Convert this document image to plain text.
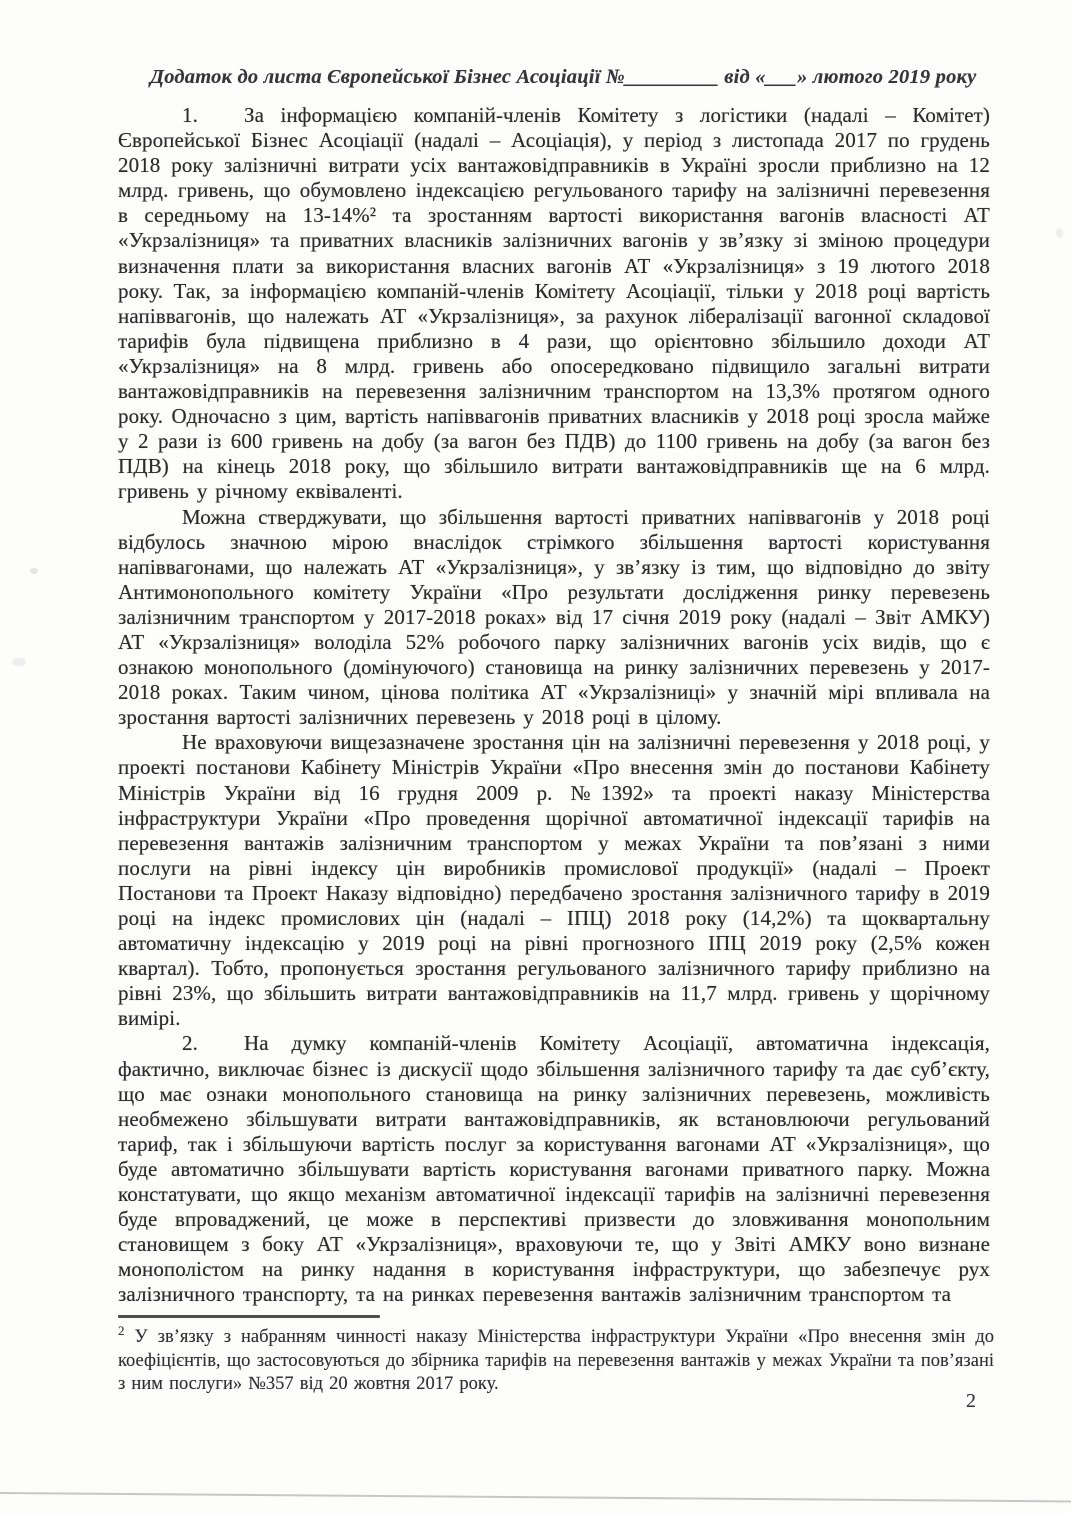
Додаток до листа Європейської Бізнес Асоціації №_________ від «___» лютого 2019 року

1. За інформацією компаній-членів Комітету з логістики (надалі – Комітет) Європейської Бізнес Асоціації (надалі – Асоціація), у період з листопада 2017 по грудень 2018 року залізничні витрати усіх вантажовідправників в Україні зросли приблизно на 12 млрд. гривень, що обумовлено індексацією регульованого тарифу на залізничні перевезення в середньому на 13-14%² та зростанням вартості використання вагонів власності АТ «Укрзалізниця» та приватних власників залізничних вагонів у зв’язку зі зміною процедури визначення плати за використання власних вагонів АТ «Укрзалізниця» з 19 лютого 2018 року. Так, за інформацією компаній-членів Комітету Асоціації, тільки у 2018 році вартість напіввагонів, що належать АТ «Укрзалізниця», за рахунок лібералізації вагонної складової тарифів була підвищена приблизно в 4 рази, що орієнтовно збільшило доходи АТ «Укрзалізниця» на 8 млрд. гривень або опосередковано підвищило загальні витрати вантажовідправників на перевезення залізничним транспортом на 13,3% протягом одного року. Одночасно з цим, вартість напіввагонів приватних власників у 2018 році зросла майже у 2 рази із 600 гривень на добу (за вагон без ПДВ) до 1100 гривень на добу (за вагон без ПДВ) на кінець 2018 року, що збільшило витрати вантажовідправників ще на 6 млрд. гривень у річному еквіваленті.

Можна стверджувати, що збільшення вартості приватних напіввагонів у 2018 році відбулось значною мірою внаслідок стрімкого збільшення вартості користування напіввагонами, що належать АТ «Укрзалізниця», у зв’язку із тим, що відповідно до звіту Антимонопольного комітету України «Про результати дослідження ринку перевезень залізничним транспортом у 2017-2018 роках» від 17 січня 2019 року (надалі – Звіт АМКУ) АТ «Укрзалізниця» володіла 52% робочого парку залізничних вагонів усіх видів, що є ознакою монопольного (домінуючого) становища на ринку залізничних перевезень у 2017-2018 роках. Таким чином, цінова політика АТ «Укрзалізниці» у значній мірі впливала на зростання вартості залізничних перевезень у 2018 році в цілому.

Не враховуючи вищезазначене зростання цін на залізничні перевезення у 2018 році, у проекті постанови Кабінету Міністрів України «Про внесення змін до постанови Кабінету Міністрів України від 16 грудня 2009 р. №1392» та проекті наказу Міністерства інфраструктури України «Про проведення щорічної автоматичної індексації тарифів на перевезення вантажів залізничним транспортом у межах України та пов’язані з ними послуги на рівні індексу цін виробників промислової продукції» (надалі – Проект Постанови та Проект Наказу відповідно) передбачено зростання залізничного тарифу в 2019 році на індекс промислових цін (надалі – ІПЦ) 2018 року (14,2%) та щоквартальну автоматичну індексацію у 2019 році на рівні прогнозного ІПЦ 2019 року (2,5% кожен квартал). Тобто, пропонується зростання регульованого залізничного тарифу приблизно на рівні 23%, що збільшить витрати вантажовідправників на 11,7 млрд. гривень у щорічному вимірі.

2. На думку компаній-членів Комітету Асоціації, автоматична індексація, фактично, виключає бізнес із дискусії щодо збільшення залізничного тарифу та дає суб’єкту, що має ознаки монопольного становища на ринку залізничних перевезень, можливість необмежено збільшувати витрати вантажовідправників, як встановлюючи регульований тариф, так і збільшуючи вартість послуг за користування вагонами АТ «Укрзалізниця», що буде автоматично збільшувати вартість користування вагонами приватного парку. Можна констатувати, що якщо механізм автоматичної індексації тарифів на залізничні перевезення буде впроваджений, це може в перспективі призвести до зловживання монопольним становищем з боку АТ «Укрзалізниця», враховуючи те, що у Звіті АМКУ воно визнане монополістом на ринку надання в користування інфраструктури, що забезпечує рух залізничного транспорту, та на ринках перевезення вантажів залізничним транспортом та

$^2$ У зв’язку з набранням чинності наказу Міністерства інфраструктури України «Про внесення змін до коефіцієнтів, що застосовуються до збірника тарифів на перевезення вантажів у межах України та пов’язані з ним послуги» №357 від 20 жовтня 2017 року.
2
